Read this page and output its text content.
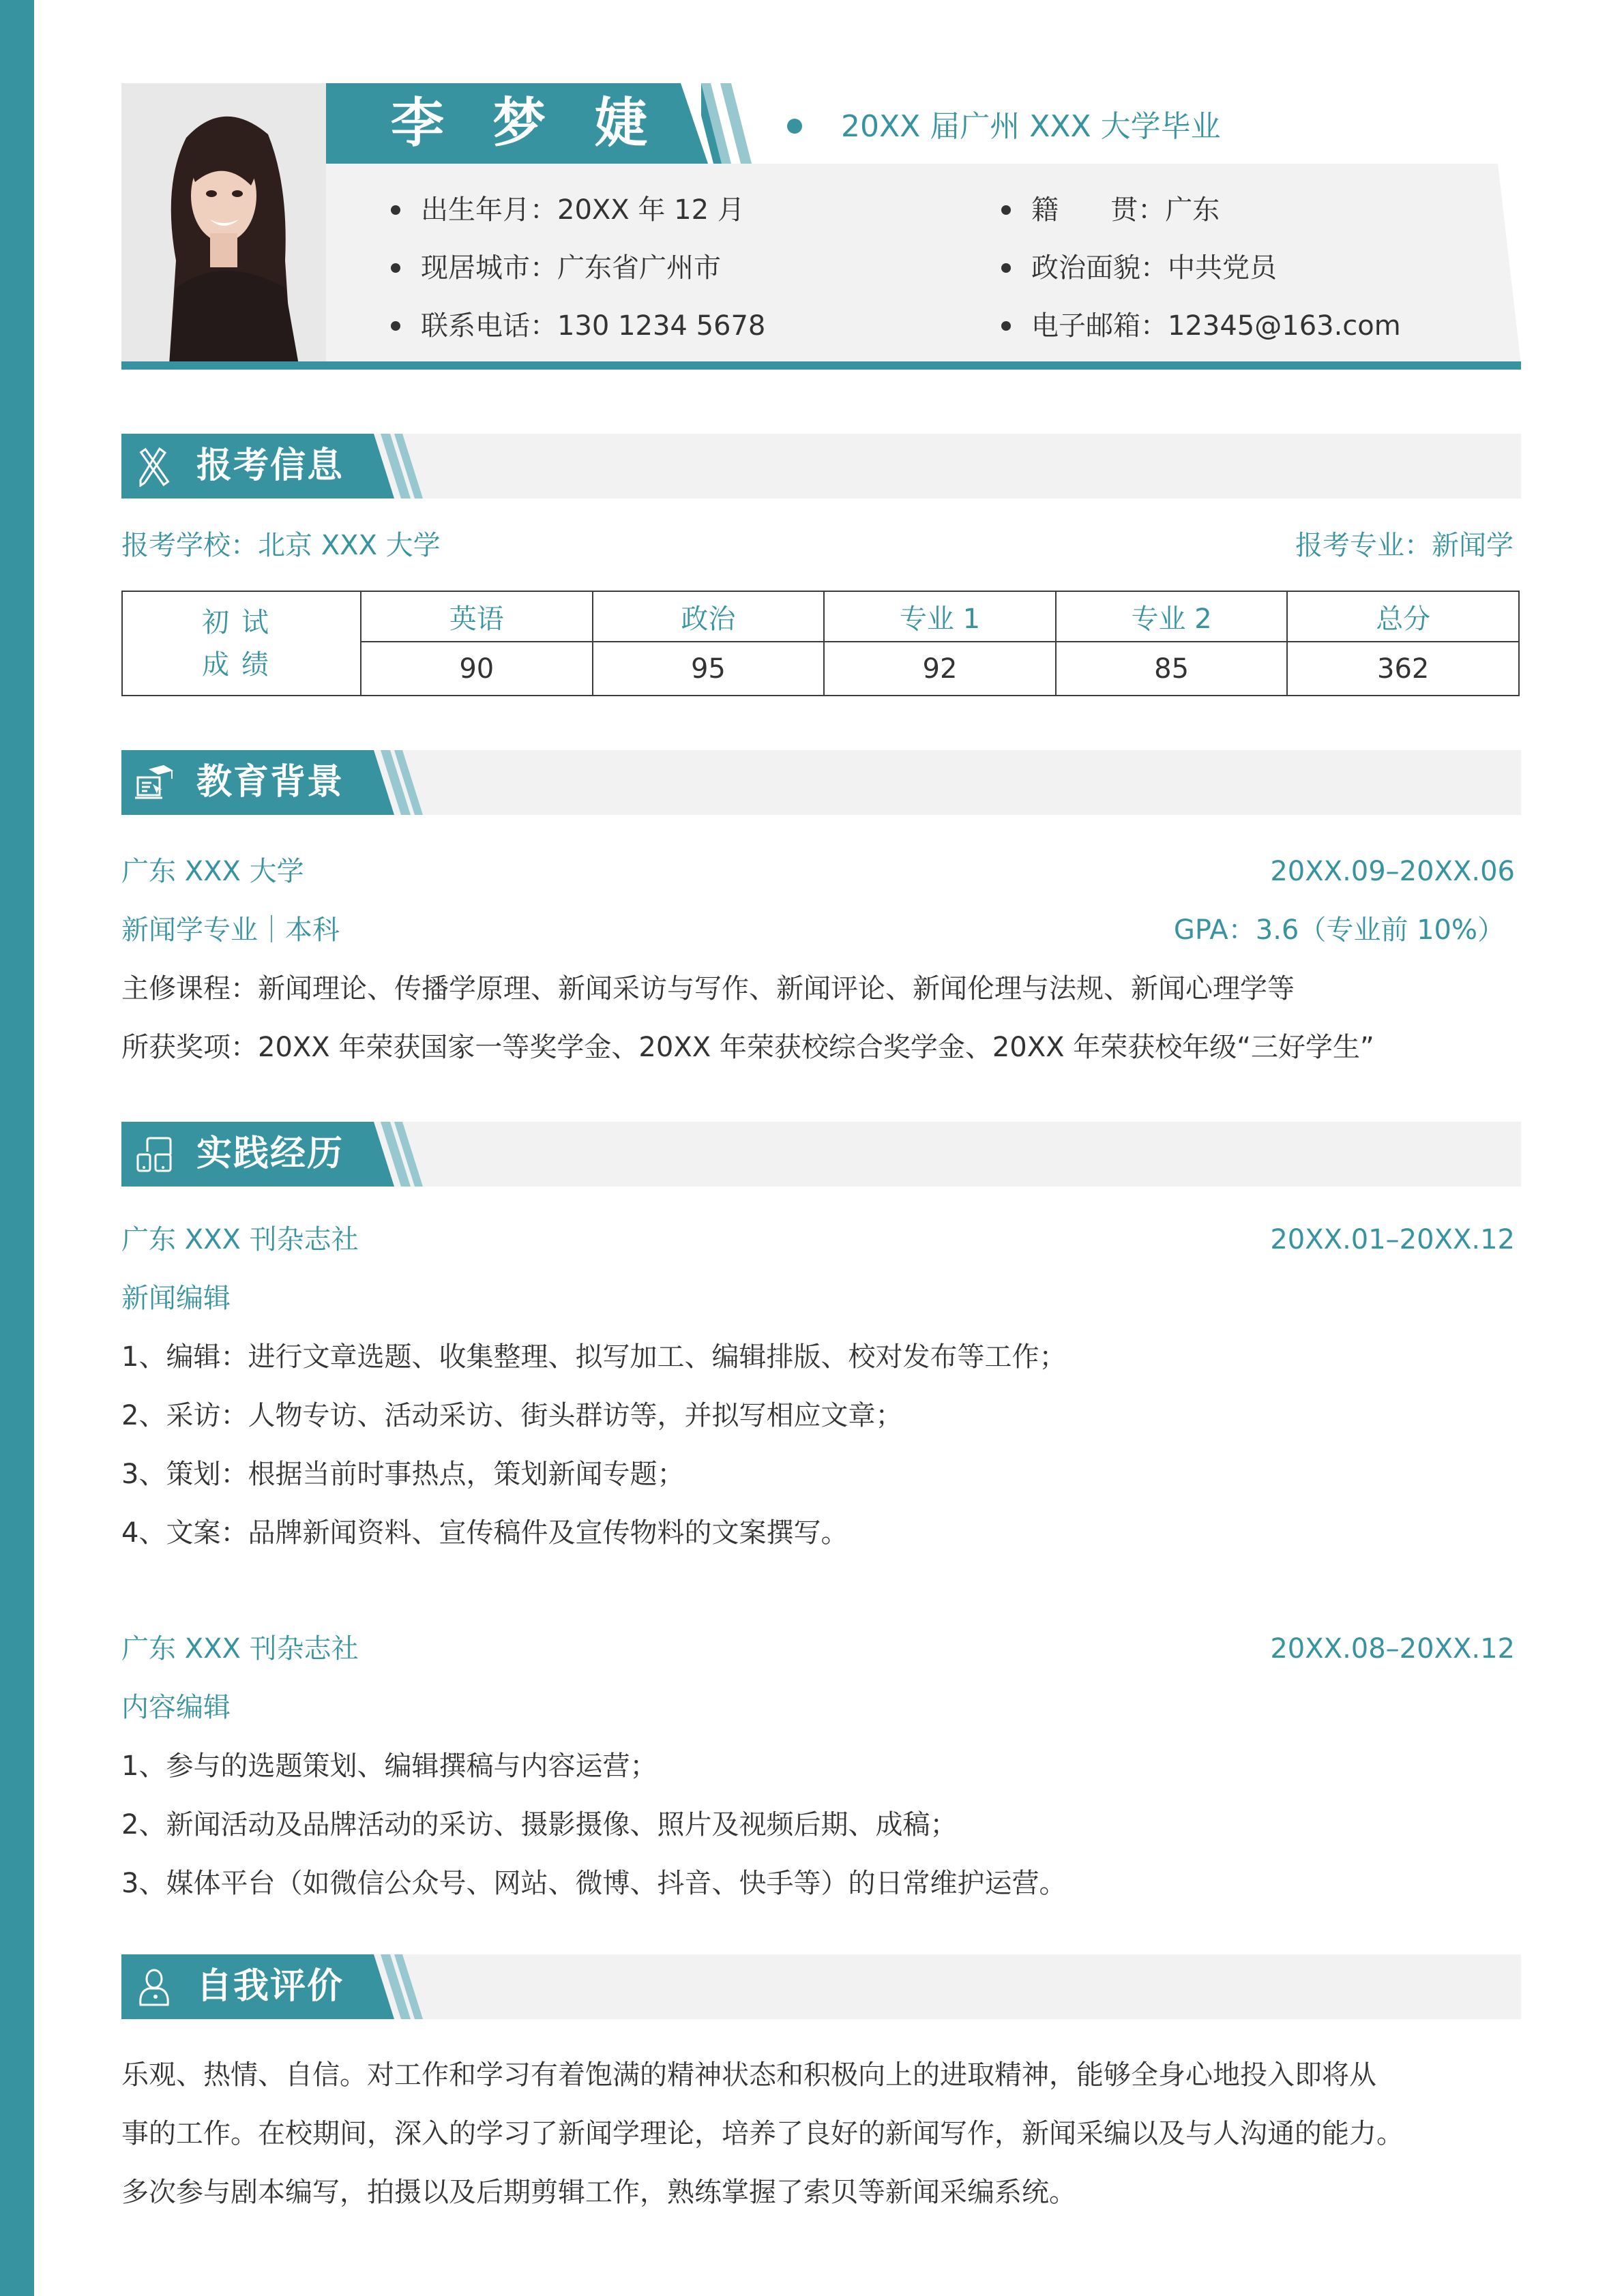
李 梦 婕	20XX 届广州 XXX 大学毕业
出生年月： 20XX 年 12 月
现居城市： 广东省广州市
联系电话： 130 1234 5678
籍      贯： 广东
政治面貌： 中共党员
电子邮箱： 12345@163.com
报考信息
报考学校：北京 XXX 大学	报考专业：新闻学
初试
成绩	英语	政治	专业 1	专业 2	总分
	90	95	92	85	362
教育背景
广东 XXX 大学	20XX.09–20XX.06
新闻学专业｜本科	GPA：3.6（专业前 10%）
主修课程：新闻理论、传播学原理、新闻采访与写作、新闻评论、新闻伦理与法规、新闻心理学等
所获奖项：20XX 年荣获国家一等奖学金、20XX 年荣获校综合奖学金、20XX 年荣获校年级“三好学生”
实践经历
广东 XXX 刊杂志社	20XX.01–20XX.12
新闻编辑
1、编辑：进行文章选题、收集整理、拟写加工、编辑排版、校对发布等工作；
2、采访：人物专访、活动采访、街头群访等，并拟写相应文章；
3、策划：根据当前时事热点，策划新闻专题；
4、文案：品牌新闻资料、宣传稿件及宣传物料的文案撰写。
广东 XXX 刊杂志社	20XX.08–20XX.12
内容编辑
1、参与的选题策划、编辑撰稿与内容运营；
2、新闻活动及品牌活动的采访、摄影摄像、照片及视频后期、成稿；
3、媒体平台（如微信公众号、网站、微博、抖音、快手等）的日常维护运营。
自我评价
乐观、热情、自信。对工作和学习有着饱满的精神状态和积极向上的进取精神，能够全身心地投入即将从
事的工作。在校期间，深入的学习了新闻学理论，培养了良好的新闻写作，新闻采编以及与人沟通的能力。
多次参与剧本编写，拍摄以及后期剪辑工作，熟练掌握了索贝等新闻采编系统。
